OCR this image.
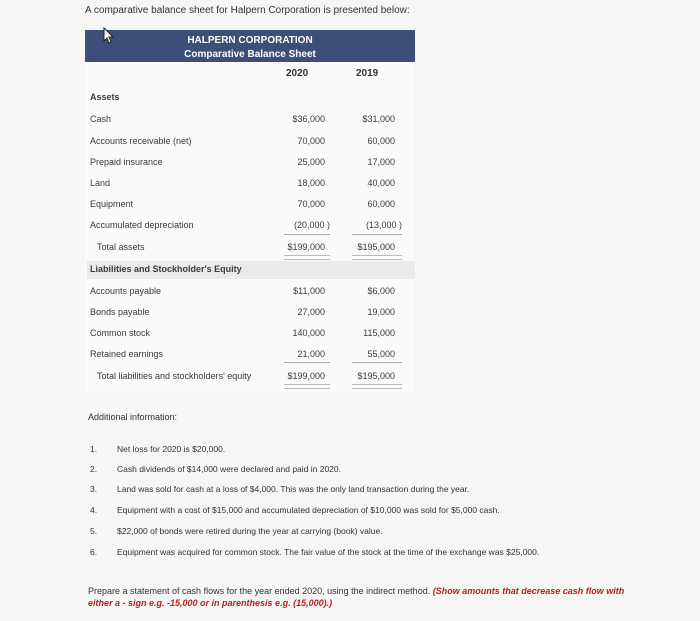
A comparative balance sheet for Halpern Corporation is presented below:
HALPERN CORPORATION
Comparative Balance Sheet
2020	2019
Assets
Cash	$36,000	$31,000
Accounts receivable (net)	70,000	60,000
Prepaid insurance	25,000	17,000
Land	18,000	40,000
Equipment	70,000	60,000
Accumulated depreciation	(20,000 )	(13,000 )
Total assets	$199,000	$195,000
Liabilities and Stockholder's Equity
Accounts payable	$11,000	$6,000
Bonds payable	27,000	19,000
Common stock	140,000	115,000
Retained earnings	21,000	55,000
Total liabilities and stockholders' equity	$199,000	$195,000
Additional information:
1. Net loss for 2020 is $20,000.
2. Cash dividends of $14,000 were declared and paid in 2020.
3. Land was sold for cash at a loss of $4,000. This was the only land transaction during the year.
4. Equipment with a cost of $15,000 and accumulated depreciation of $10,000 was sold for $5,000 cash.
5. $22,000 of bonds were retired during the year at carrying (book) value.
6. Equipment was acquired for common stock. The fair value of the stock at the time of the exchange was $25,000.
Prepare a statement of cash flows for the year ended 2020, using the indirect method. (Show amounts that decrease cash flow with either a - sign e.g. -15,000 or in parenthesis e.g. (15,000).)
